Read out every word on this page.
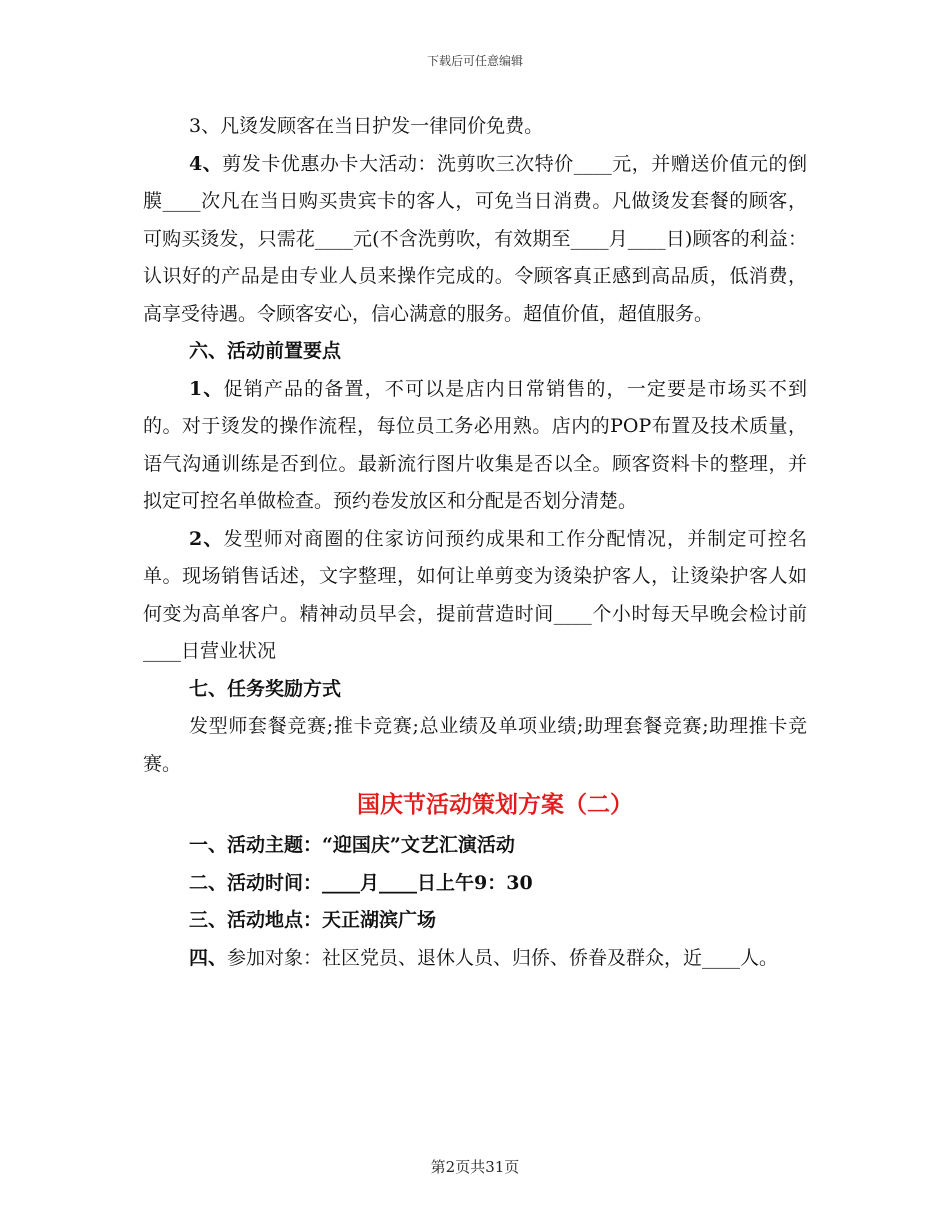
下载后可任意编辑

3、凡烫发顾客在当日护发一律同价免费。

4、剪发卡优惠办卡大活动：洗剪吹三次特价____元，并赠送价值元的倒膜____次凡在当日购买贵宾卡的客人，可免当日消费。凡做烫发套餐的顾客，可购买烫发，只需花____元(不含洗剪吹，有效期至____月____日)顾客的利益：认识好的产品是由专业人员来操作完成的。令顾客真正感到高品质，低消费，高享受待遇。令顾客安心，信心满意的服务。超值价值，超值服务。

六、活动前置要点

1、促销产品的备置，不可以是店内日常销售的，一定要是市场买不到的。对于烫发的操作流程，每位员工务必用熟。店内的POP布置及技术质量，语气沟通训练是否到位。最新流行图片收集是否以全。顾客资料卡的整理，并拟定可控名单做检查。预约卷发放区和分配是否划分清楚。

2、发型师对商圈的住家访问预约成果和工作分配情况，并制定可控名单。现场销售话述，文字整理，如何让单剪变为烫染护客人，让烫染护客人如何变为高单客户。精神动员早会，提前营造时间____个小时每天早晚会检讨前____日营业状况

七、任务奖励方式

发型师套餐竞赛;推卡竞赛;总业绩及单项业绩;助理套餐竞赛;助理推卡竞赛。

国庆节活动策划方案（二）

一、活动主题：“迎国庆”文艺汇演活动

二、活动时间：____月____日上午9：30

三、活动地点：天正湖滨广场

四、参加对象：社区党员、退休人员、归侨、侨眷及群众，近____人。

第2页共31页
